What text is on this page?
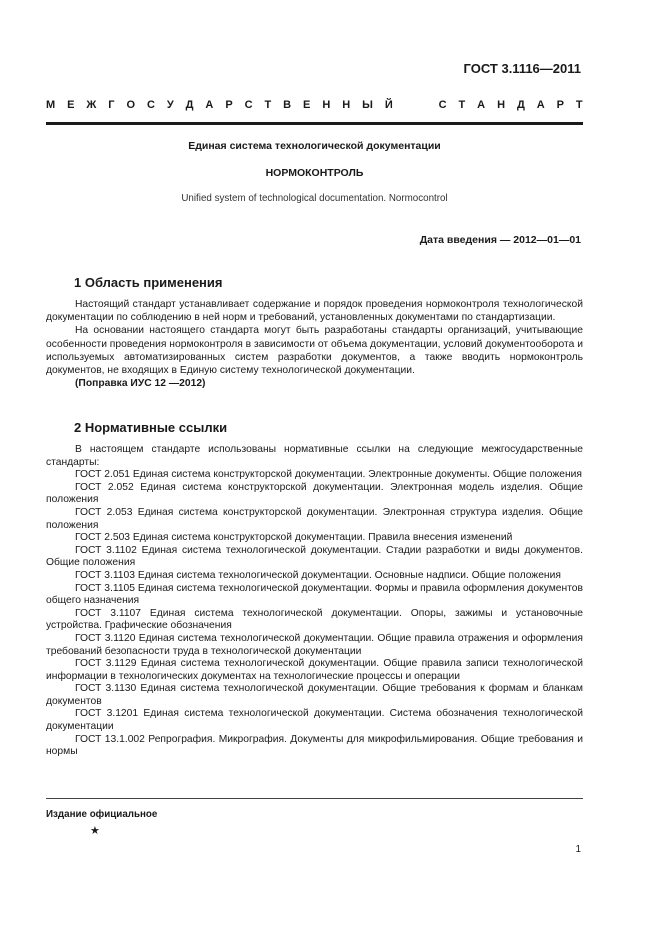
ГОСТ 3.1116—2011
М Е Ж Г О С У Д А Р С Т В Е Н Н Ы Й	С Т А Н Д А Р Т
Единая система технологической документации
НОРМОКОНТРОЛЬ
Unified system of technological documentation. Normocontrol
Дата введения — 2012—01—01
1 Область применения

Настоящий стандарт устанавливает содержание и порядок проведения нормоконтроля технологической документации по соблюдению в ней норм и требований, установленных документами по стандартизации.

На основании настоящего стандарта могут быть разработаны стандарты организаций, учитывающие особенности проведения нормоконтроля в зависимости от объема документации, условий документооборота и используемых автоматизированных систем разработки документов, а также вводить нормоконтроль документов, не входящих в Единую систему технологической документации.

(Поправка ИУС 12 —2012)

2 Нормативные ссылки

В настоящем стандарте использованы нормативные ссылки на следующие межгосударственные стандарты:

ГОСТ 2.051 Единая система конструкторской документации. Электронные документы. Общие положения

ГОСТ 2.052 Единая система конструкторской документации. Электронная модель изделия. Общие положения

ГОСТ 2.053 Единая система конструкторской документации. Электронная структура изделия. Общие положения

ГОСТ 2.503 Единая система конструкторской документации. Правила внесения изменений

ГОСТ 3.1102 Единая система технологической документации. Стадии разработки и виды документов. Общие положения

ГОСТ 3.1103 Единая система технологической документации. Основные надписи. Общие положения

ГОСТ 3.1105 Единая система технологической документации. Формы и правила оформления документов общего назначения

ГОСТ 3.1107 Единая система технологической документации. Опоры, зажимы и установочные устройства. Графические обозначения

ГОСТ 3.1120 Единая система технологической документации. Общие правила отражения и оформления требований безопасности труда в технологической документации

ГОСТ 3.1129 Единая система технологической документации. Общие правила записи технологической информации в технологических документах на технологические процессы и операции

ГОСТ 3.1130 Единая система технологической документации. Общие требования к формам и бланкам документов

ГОСТ 3.1201 Единая система технологической документации. Система обозначения технологической документации

ГОСТ 13.1.002 Репрография. Микрография. Документы для микрофильмирования. Общие требования и нормы

Издание официальное
★
1
